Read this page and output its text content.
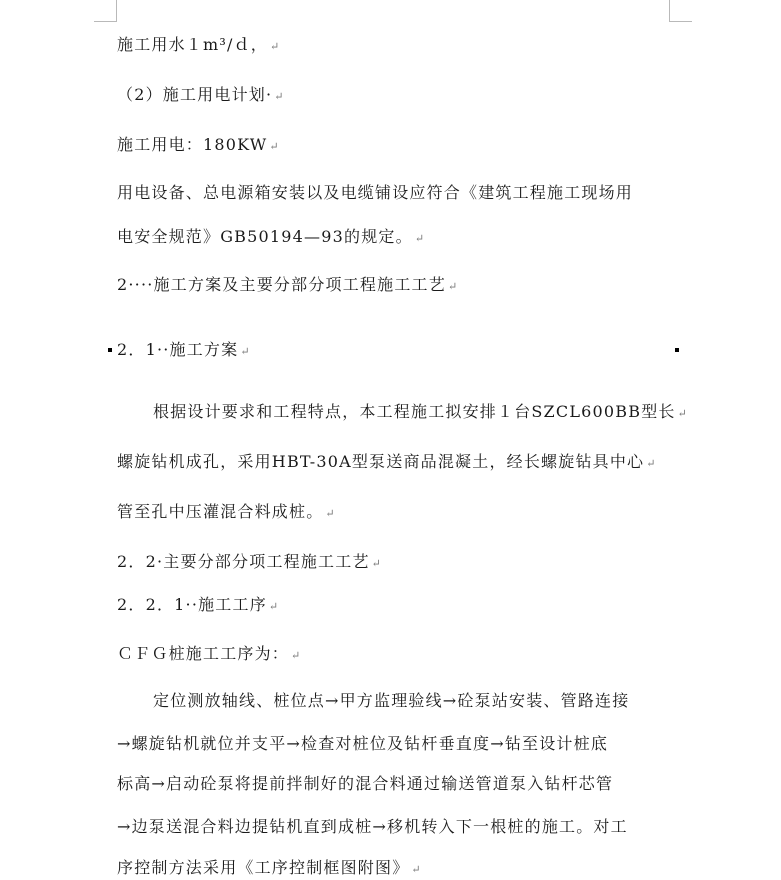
施工用水１m³/ｄ， ↵
（2）施工用电计划· ↵
施工用电：180KW ↵
用电设备、总电源箱安装以及电缆铺设应符合《建筑工程施工现场用
电安全规范》GB50194—93的规定。 ↵
2····施工方案及主要分部分项工程施工工艺 ↵
2．1··施工方案 ↵
根据设计要求和工程特点，本工程施工拟安排１台SZCL600BB型长 ↵
螺旋钻机成孔，采用HBT-30A型泵送商品混凝土，经长螺旋钻具中心 ↵
管至孔中压灌混合料成桩。 ↵
2．2·主要分部分项工程施工工艺 ↵
2．2．1··施工工序 ↵
ＣＦＧ桩施工工序为： ↵
定位测放轴线、桩位点→甲方监理验线→砼泵站安装、管路连接
→螺旋钻机就位并支平→检查对桩位及钻杆垂直度→钻至设计桩底
标高→启动砼泵将提前拌制好的混合料通过输送管道泵入钻杆芯管
→边泵送混合料边提钻机直到成桩→移机转入下一根桩的施工。对工
序控制方法采用《工序控制框图附图》 ↵
